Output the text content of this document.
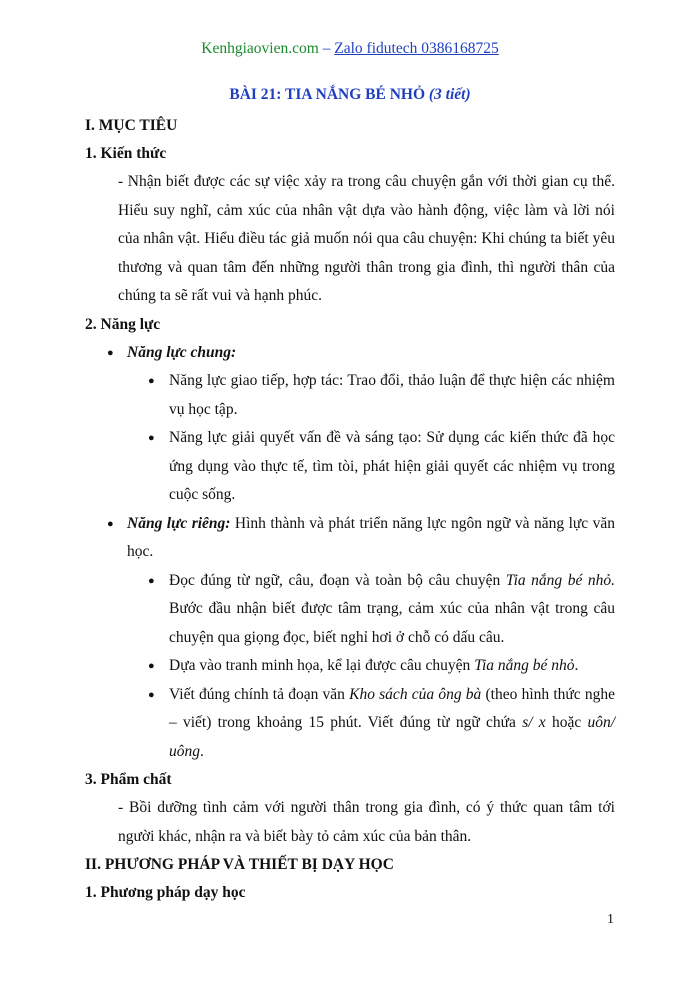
Kenhgiaovien.com – Zalo fidutech 0386168725
BÀI 21: TIA NẮNG BÉ NHỎ (3 tiết)

I. MỤC TIÊU

1. Kiến thức

- Nhận biết được các sự việc xảy ra trong câu chuyện gắn với thời gian cụ thể. Hiểu suy nghĩ, cảm xúc của nhân vật dựa vào hành động, việc làm và lời nói của nhân vật. Hiểu điều tác giả muốn nói qua câu chuyện: Khi chúng ta biết yêu thương và quan tâm đến những người thân trong gia đình, thì người thân của chúng ta sẽ rất vui và hạnh phúc.

2. Năng lực

● Năng lực chung:
● Năng lực giao tiếp, hợp tác: Trao đổi, thảo luận để thực hiện các nhiệm vụ học tập.
● Năng lực giải quyết vấn đề và sáng tạo: Sử dụng các kiến thức đã học ứng dụng vào thực tế, tìm tòi, phát hiện giải quyết các nhiệm vụ trong cuộc sống.
● Năng lực riêng: Hình thành và phát triển năng lực ngôn ngữ và năng lực văn học.
● Đọc đúng từ ngữ, câu, đoạn và toàn bộ câu chuyện Tia nắng bé nhỏ. Bước đầu nhận biết được tâm trạng, cảm xúc của nhân vật trong câu chuyện qua giọng đọc, biết nghỉ hơi ở chỗ có dấu câu.
● Dựa vào tranh minh họa, kể lại được câu chuyện Tia nắng bé nhỏ.
● Viết đúng chính tả đoạn văn Kho sách của ông bà (theo hình thức nghe – viết) trong khoảng 15 phút. Viết đúng từ ngữ chứa s/ x hoặc uôn/ uông.

3. Phẩm chất

- Bồi dưỡng tình cảm với người thân trong gia đình, có ý thức quan tâm tới người khác, nhận ra và biết bày tỏ cảm xúc của bản thân.

II. PHƯƠNG PHÁP VÀ THIẾT BỊ DẠY HỌC

1. Phương pháp dạy học

1
